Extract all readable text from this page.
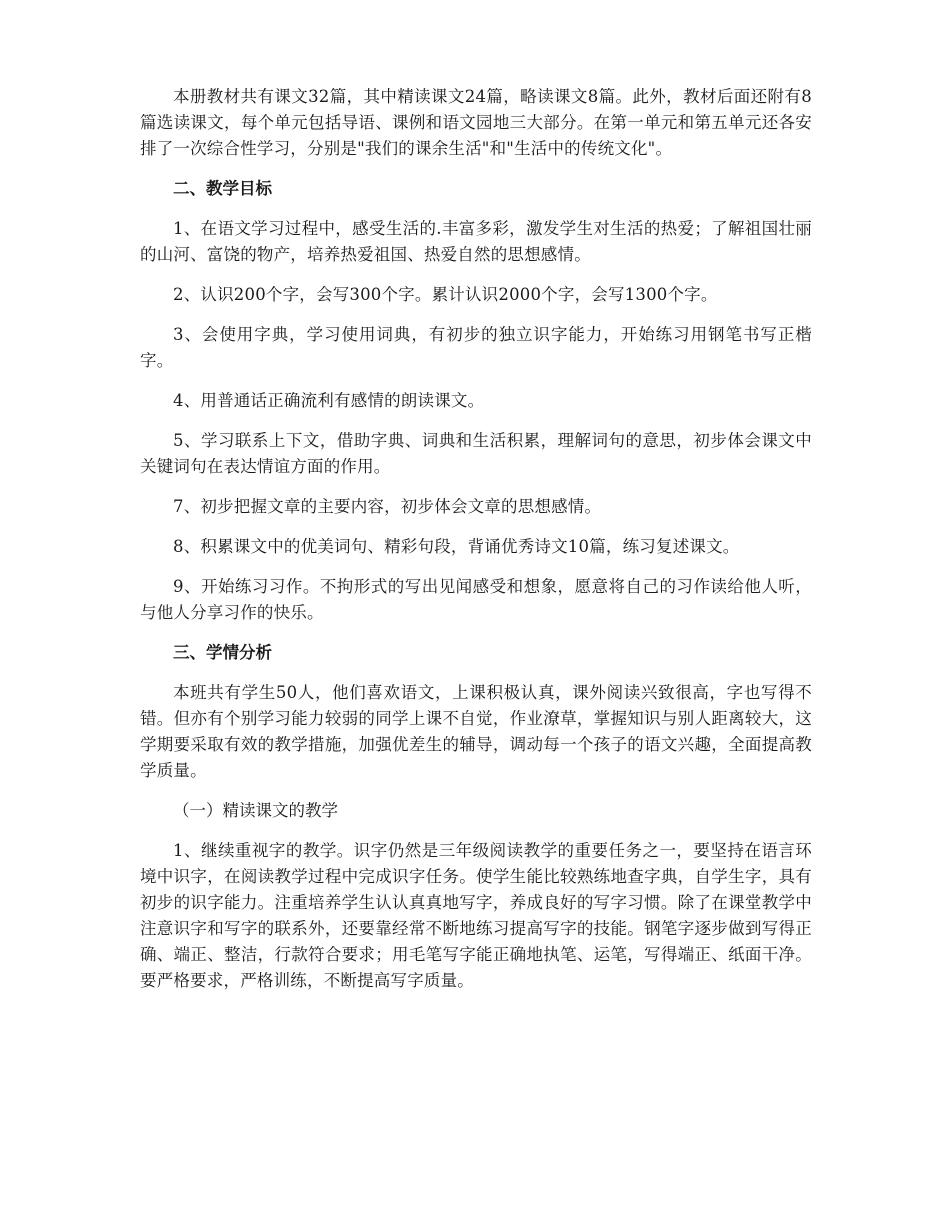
本册教材共有课文32篇，其中精读课文24篇，略读课文8篇。此外，教材后面还附有8篇选读课文，每个单元包括导语、课例和语文园地三大部分。在第一单元和第五单元还各安排了一次综合性学习，分别是"我们的课余生活"和"生活中的传统文化"。

二、教学目标

1、在语文学习过程中，感受生活的.丰富多彩，激发学生对生活的热爱；了解祖国壮丽的山河、富饶的物产，培养热爱祖国、热爱自然的思想感情。

2、认识200个字，会写300个字。累计认识2000个字，会写1300个字。

3、会使用字典，学习使用词典，有初步的独立识字能力，开始练习用钢笔书写正楷字。

4、用普通话正确流利有感情的朗读课文。

5、学习联系上下文，借助字典、词典和生活积累，理解词句的意思，初步体会课文中关键词句在表达情谊方面的作用。

7、初步把握文章的主要内容，初步体会文章的思想感情。

8、积累课文中的优美词句、精彩句段，背诵优秀诗文10篇，练习复述课文。

9、开始练习习作。不拘形式的写出见闻感受和想象，愿意将自己的习作读给他人听，与他人分享习作的快乐。

三、学情分析

本班共有学生50人，他们喜欢语文，上课积极认真，课外阅读兴致很高，字也写得不错。但亦有个别学习能力较弱的同学上课不自觉，作业潦草，掌握知识与别人距离较大，这学期要采取有效的教学措施，加强优差生的辅导，调动每一个孩子的语文兴趣，全面提高教学质量。

（一）精读课文的教学

1、继续重视字的教学。识字仍然是三年级阅读教学的重要任务之一，要坚持在语言环境中识字，在阅读教学过程中完成识字任务。使学生能比较熟练地查字典，自学生字，具有初步的识字能力。注重培养学生认认真真地写字，养成良好的写字习惯。除了在课堂教学中注意识字和写字的联系外，还要靠经常不断地练习提高写字的技能。钢笔字逐步做到写得正确、端正、整洁，行款符合要求；用毛笔写字能正确地执笔、运笔，写得端正、纸面干净。要严格要求，严格训练，不断提高写字质量。
